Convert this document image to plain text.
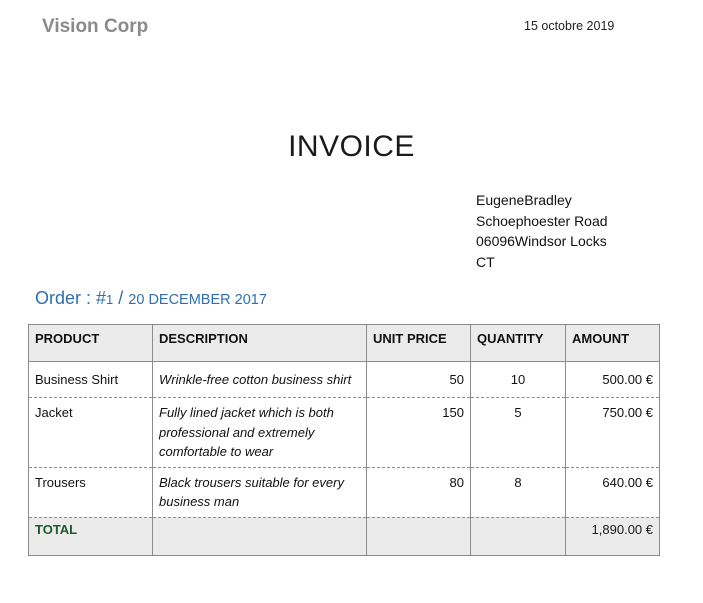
Vision Corp	15 octobre 2019
INVOICE
EugeneBradley
Schoephoester Road
06096Windsor Locks
CT
Order : #1 / 20 DECEMBER 2017
PRODUCT	DESCRIPTION	UNIT PRICE	QUANTITY	AMOUNT
Business Shirt	Wrinkle-free cotton business shirt	50	10	500.00 €
Jacket	Fully lined jacket which is both professional and extremely comfortable to wear	150	5	750.00 €
Trousers	Black trousers suitable for every business man	80	8	640.00 €
TOTAL				1,890.00 €
